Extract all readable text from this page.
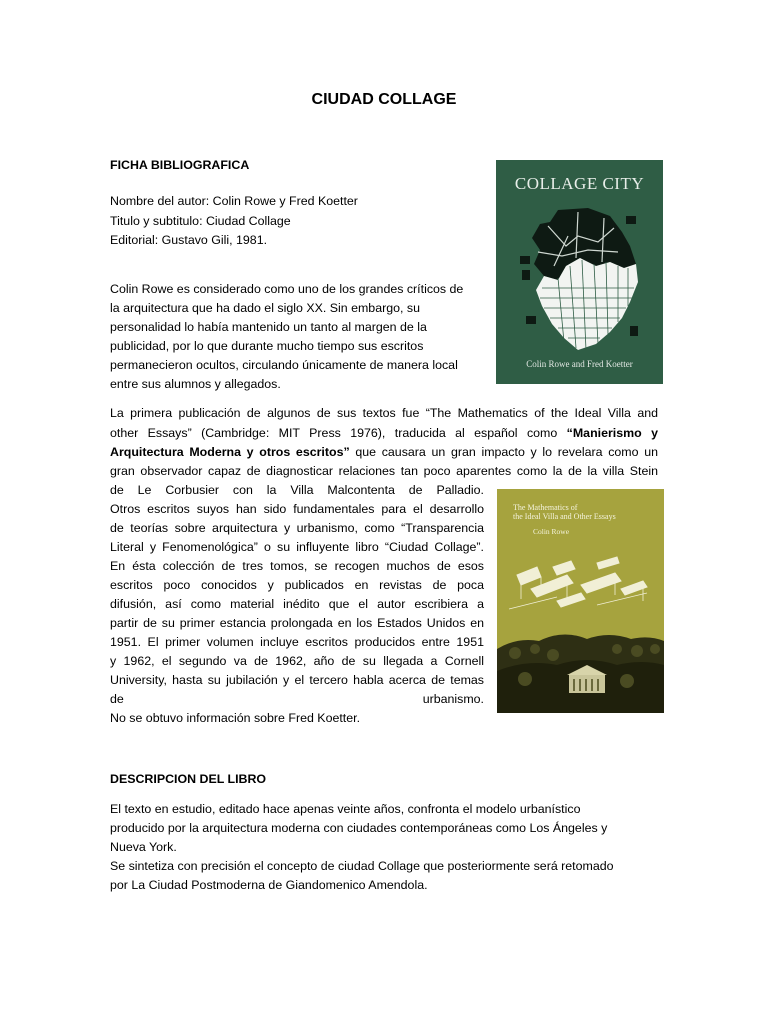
CIUDAD COLLAGE
FICHA BIBLIOGRAFICA
Nombre del autor: Colin Rowe y Fred Koetter
Titulo y subtitulo: Ciudad Collage
Editorial: Gustavo Gili, 1981.
Colin Rowe es considerado como uno de los grandes críticos de
la arquitectura que ha dado el siglo XX. Sin embargo, su
personalidad lo había mantenido un tanto al margen de la
publicidad, por lo que durante mucho tiempo sus escritos
permanecieron ocultos, circulando únicamente de manera local
entre sus alumnos y allegados.
La primera publicación de algunos de sus textos fue “The Mathematics of the Ideal Villa and
other Essays” (Cambridge: MIT Press 1976), traducida al español como “Manierismo y
Arquitectura Moderna y otros escritos” que causara un gran impacto y lo revelara como un
gran observador capaz de diagnosticar relaciones tan poco aparentes como la de la villa Stein
de Le Corbusier con la Villa Malcontenta de Palladio.
Otros escritos suyos han sido fundamentales para el desarrollo
de teorías sobre arquitectura y urbanismo, como “Transparencia
Literal y Fenomenológica” o su influyente libro “Ciudad Collage”.
En ésta colección de tres tomos, se recogen muchos de esos
escritos poco conocidos y publicados en revistas de poca
difusión, así como material inédito que el autor escribiera a
partir de su primer estancia prolongada en los Estados Unidos en
1951. El primer volumen incluye escritos producidos entre 1951
y 1962, el segundo va de 1962, año de su llegada a Cornell
University, hasta su jubilación y el tercero habla acerca de temas
de	urbanismo.
No se obtuvo información sobre Fred Koetter.
DESCRIPCION DEL LIBRO
El texto en estudio, editado hace apenas veinte años, confronta el modelo urbanístico
producido por la arquitectura moderna con ciudades contemporáneas como Los Ángeles y
Nueva York.
Se sintetiza con precisión el concepto de ciudad Collage que posteriormente será retomado
por La Ciudad Postmoderna de Giandomenico Amendola.
COLLAGE CITY
Colin Rowe and Fred Koetter
The Mathematics of
the Ideal Villa and Other Essays
Colin Rowe
